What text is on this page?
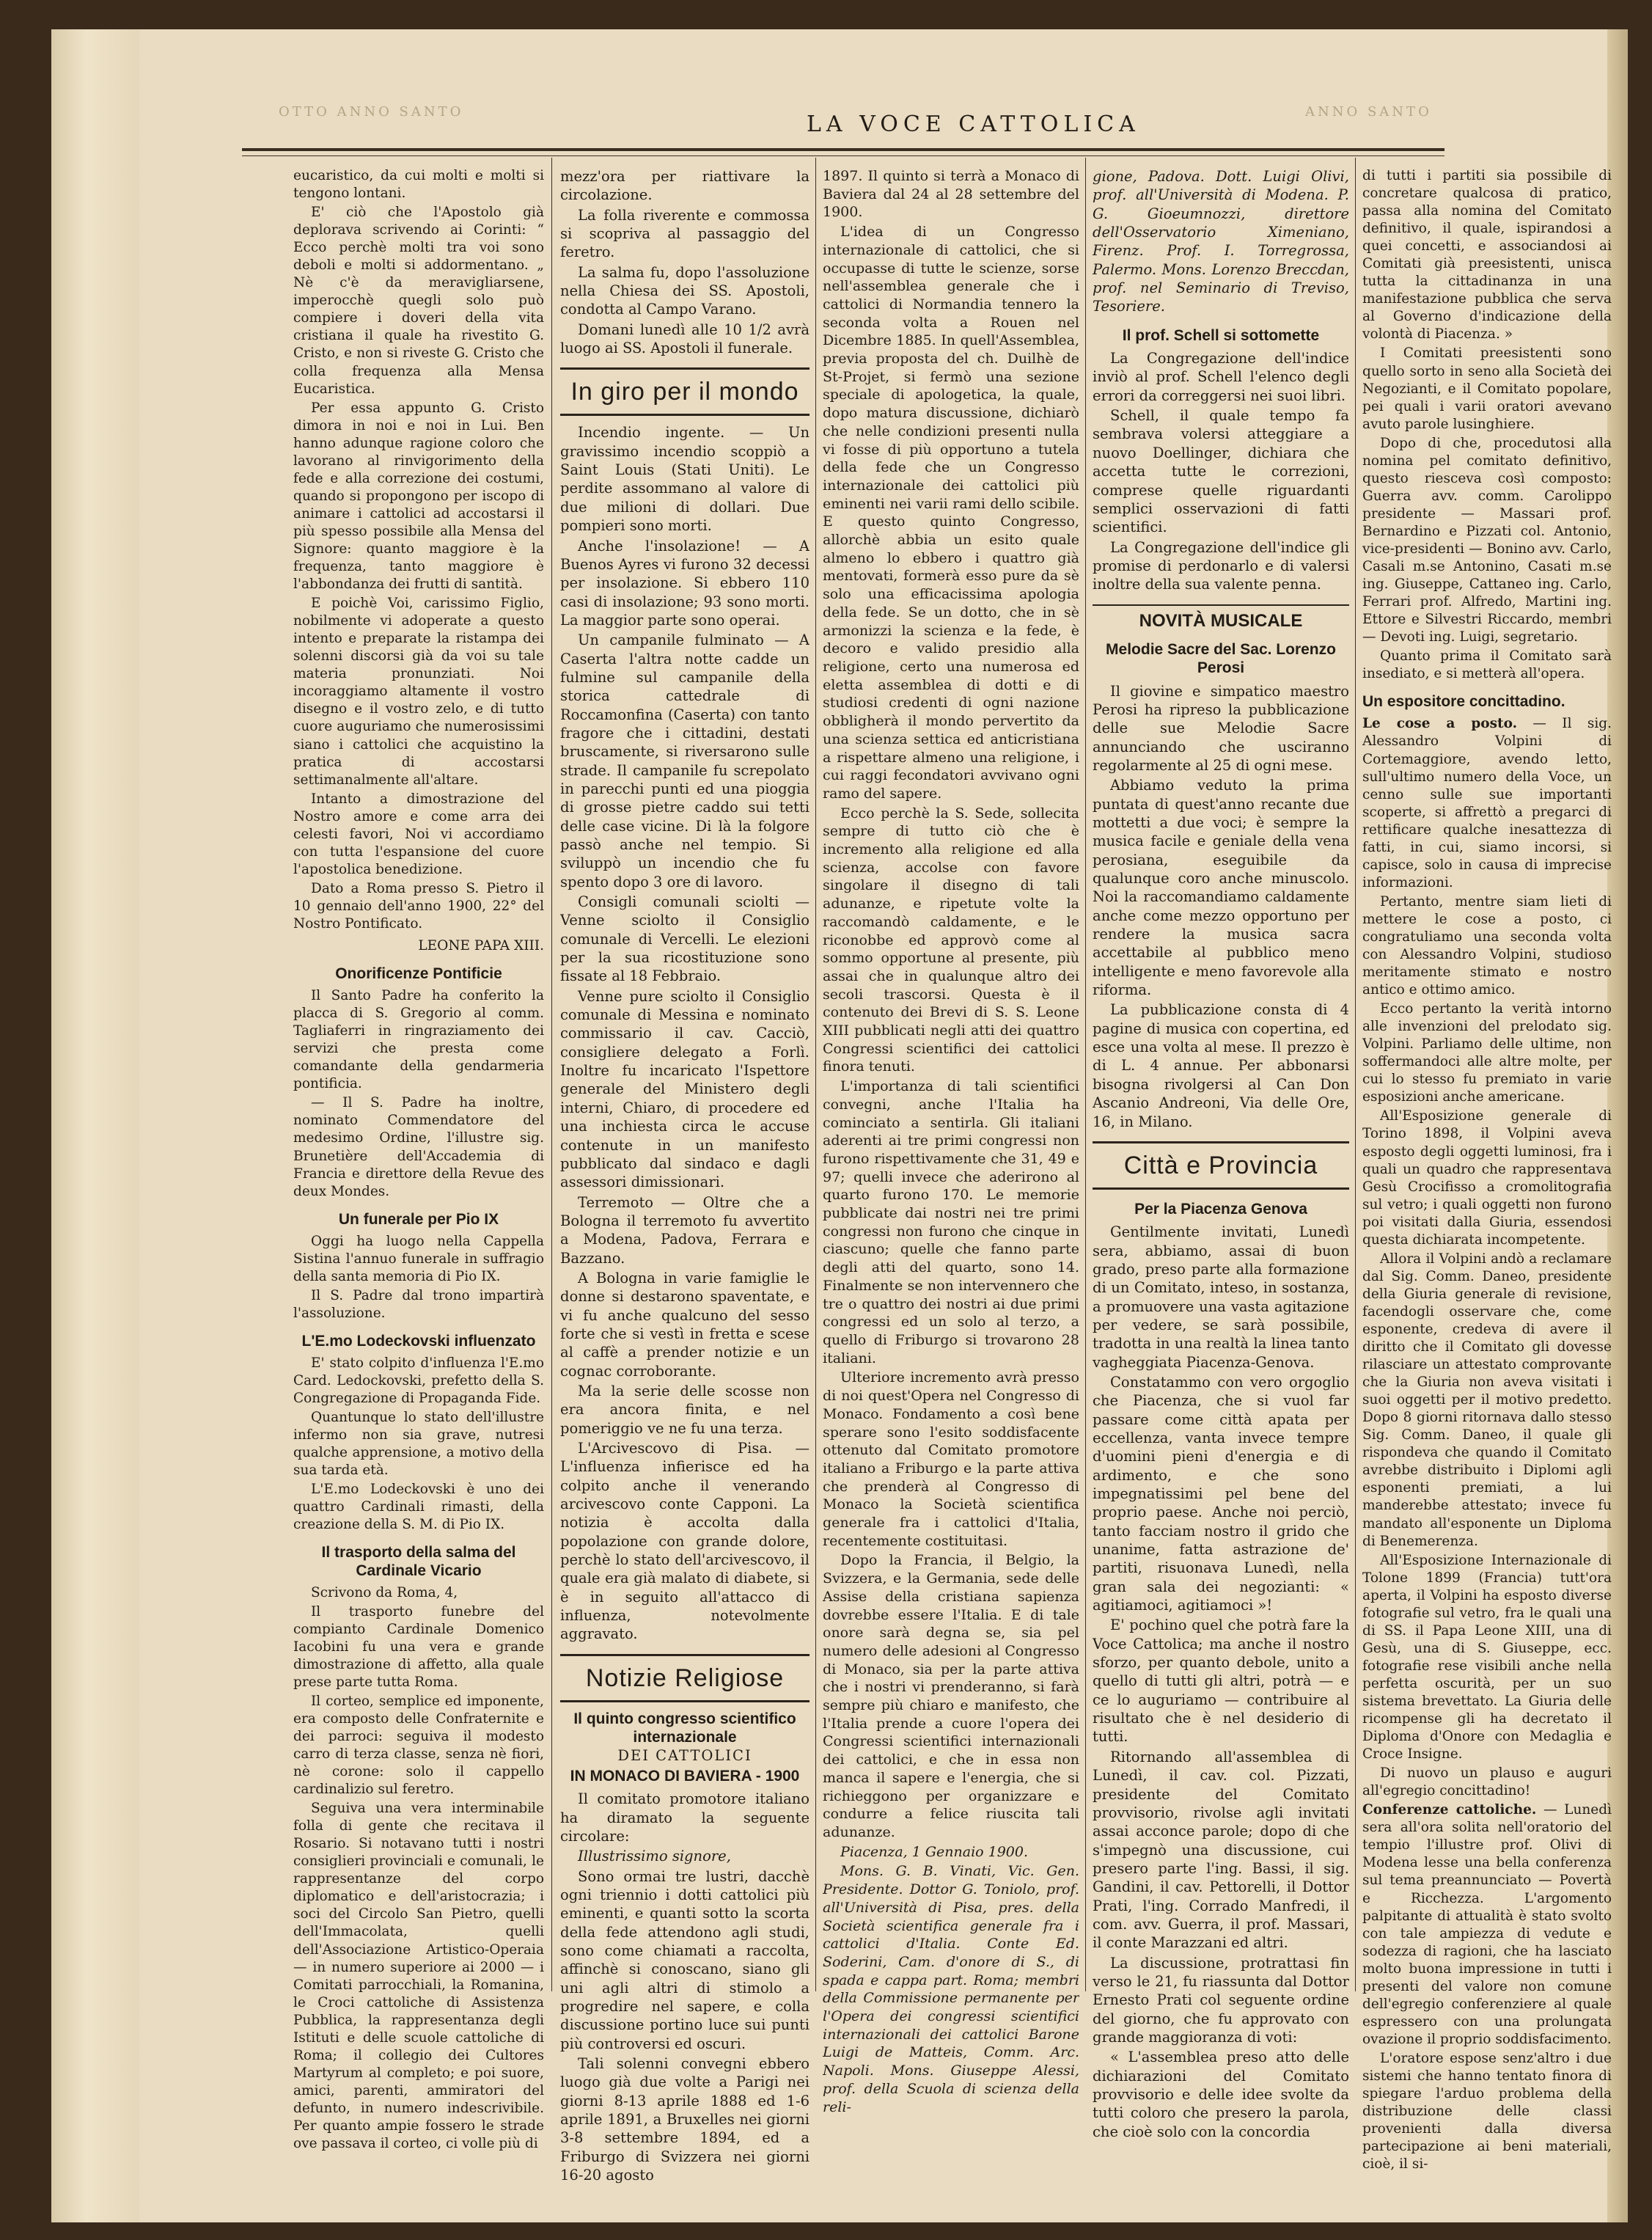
OTTO ANNO SANTO	LA VOCE CATTOLICA	ANNO SANTO

eucaristico, da cui molti e molti si tengono lontani.

E' ciò che l'Apostolo già deplorava scrivendo ai Corinti: “ Ecco perchè molti tra voi sono deboli e molti si addormentano. „ Nè c'è da meravigliarsene, imperocchè quegli solo può compiere i doveri della vita cristiana il quale ha rivestito G. Cristo, e non si riveste G. Cristo che colla frequenza alla Mensa Eucaristica.

Per essa appunto G. Cristo dimora in noi e noi in Lui. Ben hanno adunque ragione coloro che lavorano al rinvigorimento della fede e alla correzione dei costumi, quando si propongono per iscopo di animare i cattolici ad accostarsi il più spesso possibile alla Mensa del Signore: quanto maggiore è la frequenza, tanto maggiore è l'abbondanza dei frutti di santità.

E poichè Voi, carissimo Figlio, nobilmente vi adoperate a questo intento e preparate la ristampa dei solenni discorsi già da voi su tale materia pronunziati. Noi incoraggiamo altamente il vostro disegno e il vostro zelo, e di tutto cuore auguriamo che numerosissimi siano i cattolici che acquistino la pratica di accostarsi settimanalmente all'altare.

Intanto a dimostrazione del Nostro amore e come arra dei celesti favori, Noi vi accordiamo con tutta l'espansione del cuore l'apostolica benedizione.

Dato a Roma presso S. Pietro il 10 gennaio dell'anno 1900, 22° del Nostro Pontificato.

LEONE PAPA XIII.

Onorificenze Pontificie

Il Santo Padre ha conferito la placca di S. Gregorio al comm. Tagliaferri in ringraziamento dei servizi che presta come comandante della gendarmeria pontificia.

— Il S. Padre ha inoltre, nominato Commendatore del medesimo Ordine, l'illustre sig. Brunetière dell'Accademia di Francia e direttore della Revue des deux Mondes.

Un funerale per Pio IX

Oggi ha luogo nella Cappella Sistina l'annuo funerale in suffragio della santa memoria di Pio IX.

Il S. Padre dal trono impartirà l'assoluzione.

L'E.mo Lodeckovski influenzato

E' stato colpito d'influenza l'E.mo Card. Ledockovski, prefetto della S. Congregazione di Propaganda Fide.

Quantunque lo stato dell'illustre infermo non sia grave, nutresi qualche apprensione, a motivo della sua tarda età.

L'E.mo Lodeckovski è uno dei quattro Cardinali rimasti, della creazione della S. M. di Pio IX.

Il trasporto della salma del Cardinale Vicario

Scrivono da Roma, 4,

Il trasporto funebre del compianto Cardinale Domenico Iacobini fu una vera e grande dimostrazione di affetto, alla quale prese parte tutta Roma.

Il corteo, semplice ed imponente, era composto delle Confraternite e dei parroci: seguiva il modesto carro di terza classe, senza nè fiori, nè corone: solo il cappello cardinalizio sul feretro.

Seguiva una vera interminabile folla di gente che recitava il Rosario. Si notavano tutti i nostri consiglieri provinciali e comunali, le rappresentanze del corpo diplomatico e dell'aristocrazia; i soci del Circolo San Pietro, quelli dell'Immacolata, quelli dell'Associazione Artistico-Operaia — in numero superiore ai 2000 — i Comitati parrocchiali, la Romanina, le Croci cattoliche di Assistenza Pubblica, la rappresentanza degli Istituti e delle scuole cattoliche di Roma; il collegio dei Cultores Martyrum al completo; e poi suore, amici, parenti, ammiratori del defunto, in numero indescrivibile. Per quanto ampie fossero le strade ove passava il corteo, ci volle più di

mezz'ora per riattivare la circolazione.

La folla riverente e commossa si scopriva al passaggio del feretro.

La salma fu, dopo l'assoluzione nella Chiesa dei SS. Apostoli, condotta al Campo Varano.

Domani lunedì alle 10 1/2 avrà luogo ai SS. Apostoli il funerale.

In giro per il mondo

Incendio ingente. — Un gravissimo incendio scoppiò a Saint Louis (Stati Uniti). Le perdite assommano al valore di due milioni di dollari. Due pompieri sono morti.

Anche l'insolazione! — A Buenos Ayres vi furono 32 decessi per insolazione. Si ebbero 110 casi di insolazione; 93 sono morti. La maggior parte sono operai.

Un campanile fulminato — A Caserta l'altra notte cadde un fulmine sul campanile della storica cattedrale di Roccamonfina (Caserta) con tanto fragore che i cittadini, destati bruscamente, si riversarono sulle strade. Il campanile fu screpolato in parecchi punti ed una pioggia di grosse pietre caddo sui tetti delle case vicine. Di là la folgore passò anche nel tempio. Si sviluppò un incendio che fu spento dopo 3 ore di lavoro.

Consigli comunali sciolti — Venne sciolto il Consiglio comunale di Vercelli. Le elezioni per la sua ricostituzione sono fissate al 18 Febbraio.

Venne pure sciolto il Consiglio comunale di Messina e nominato commissario il cav. Cacciò, consigliere delegato a Forlì. Inoltre fu incaricato l'Ispettore generale del Ministero degli interni, Chiaro, di procedere ed una inchiesta circa le accuse contenute in un manifesto pubblicato dal sindaco e dagli assessori dimissionari.

Terremoto — Oltre che a Bologna il terremoto fu avvertito a Modena, Padova, Ferrara e Bazzano.

A Bologna in varie famiglie le donne si destarono spaventate, e vi fu anche qualcuno del sesso forte che si vestì in fretta e scese al caffè a prender notizie e un cognac corroborante.

Ma la serie delle scosse non era ancora finita, e nel pomeriggio ve ne fu una terza.

L'Arcivescovo di Pisa. — L'influenza infierisce ed ha colpito anche il venerando arcivescovo conte Capponi. La notizia è accolta dalla popolazione con grande dolore, perchè lo stato dell'arcivescovo, il quale era già malato di diabete, si è in seguito all'attacco di influenza, notevolmente aggravato.

Notizie Religiose

Il quinto congresso scientifico internazionale

DEI CATTOLICI

IN MONACO DI BAVIERA - 1900

Il comitato promotore italiano ha diramato la seguente circolare:

Illustrissimo signore,

Sono ormai tre lustri, dacchè ogni triennio i dotti cattolici più eminenti, e quanti sotto la scorta della fede attendono agli studi, sono come chiamati a raccolta, affinchè si conoscano, siano gli uni agli altri di stimolo a progredire nel sapere, e colla discussione portino luce sui punti più controversi ed oscuri.

Tali solenni convegni ebbero luogo già due volte a Parigi nei giorni 8-13 aprile 1888 ed 1-6 aprile 1891, a Bruxelles nei giorni 3-8 settembre 1894, ed a Friburgo di Svizzera nei giorni 16-20 agosto

1897. Il quinto si terrà a Monaco di Baviera dal 24 al 28 settembre del 1900.

L'idea di un Congresso internazionale di cattolici, che si occupasse di tutte le scienze, sorse nell'assemblea generale che i cattolici di Normandia tennero la seconda volta a Rouen nel Dicembre 1885. In quell'Assemblea, previa proposta del ch. Duilhè de St-Projet, si fermò una sezione speciale di apologetica, la quale, dopo matura discussione, dichiarò che nelle condizioni presenti nulla vi fosse di più opportuno a tutela della fede che un Congresso internazionale dei cattolici più eminenti nei varii rami dello scibile. E questo quinto Congresso, allorchè abbia un esito quale almeno lo ebbero i quattro già mentovati, formerà esso pure da sè solo una efficacissima apologia della fede. Se un dotto, che in sè armonizzi la scienza e la fede, è decoro e valido presidio alla religione, certo una numerosa ed eletta assemblea di dotti e di studiosi credenti di ogni nazione obbligherà il mondo pervertito da una scienza settica ed anticristiana a rispettare almeno una religione, i cui raggi fecondatori avvivano ogni ramo del sapere.

Ecco perchè la S. Sede, sollecita sempre di tutto ciò che è incremento alla religione ed alla scienza, accolse con favore singolare il disegno di tali adunanze, e ripetute volte la raccomandò caldamente, e le riconobbe ed approvò come al sommo opportune al presente, più assai che in qualunque altro dei secoli trascorsi. Questa è il contenuto dei Brevi di S. S. Leone XIII pubblicati negli atti dei quattro Congressi scientifici dei cattolici finora tenuti.

L'importanza di tali scientifici convegni, anche l'Italia ha cominciato a sentirla. Gli italiani aderenti ai tre primi congressi non furono rispettivamente che 31, 49 e 97; quelli invece che aderirono al quarto furono 170. Le memorie pubblicate dai nostri nei tre primi congressi non furono che cinque in ciascuno; quelle che fanno parte degli atti del quarto, sono 14. Finalmente se non intervennero che tre o quattro dei nostri ai due primi congressi ed un solo al terzo, a quello di Friburgo si trovarono 28 italiani.

Ulteriore incremento avrà presso di noi quest'Opera nel Congresso di Monaco. Fondamento a così bene sperare sono l'esito soddisfacente ottenuto dal Comitato promotore italiano a Friburgo e la parte attiva che prenderà al Congresso di Monaco la Società scientifica generale fra i cattolici d'Italia, recentemente costituitasi.

Dopo la Francia, il Belgio, la Svizzera, e la Germania, sede delle Assise della cristiana sapienza dovrebbe essere l'Italia. E di tale onore sarà degna se, sia pel numero delle adesioni al Congresso di Monaco, sia per la parte attiva che i nostri vi prenderanno, si farà sempre più chiaro e manifesto, che l'Italia prende a cuore l'opera dei Congressi scientifici internazionali dei cattolici, e che in essa non manca il sapere e l'energia, che si richieggono per organizzare e condurre a felice riuscita tali adunanze.

Piacenza, 1 Gennaio 1900.

Mons. G. B. Vinati, Vic. Gen. Presidente. Dottor G. Toniolo, prof. all'Università di Pisa, pres. della Società scientifica generale fra i cattolici d'Italia. Conte Ed. Soderini, Cam. d'onore di S., di spada e cappa part. Roma; membri della Commissione permanente per l'Opera dei congressi scientifici internazionali dei cattolici Barone Luigi de Matteis, Comm. Arc. Napoli. Mons. Giuseppe Alessi, prof. della Scuola di scienza della reli-

gione, Padova. Dott. Luigi Olivi, prof. all'Università di Modena. P. G. Gioeumnozzi, direttore dell'Osservatorio Ximeniano, Firenz. Prof. I. Torregrossa, Palermo. Mons. Lorenzo Breccdan, prof. nel Seminario di Treviso, Tesoriere.

Il prof. Schell si sottomette

La Congregazione dell'indice inviò al prof. Schell l'elenco degli errori da correggersi nei suoi libri.

Schell, il quale tempo fa sembrava volersi atteggiare a nuovo Doellinger, dichiara che accetta tutte le correzioni, comprese quelle riguardanti semplici osservazioni di fatti scientifici.

La Congregazione dell'indice gli promise di perdonarlo e di valersi inoltre della sua valente penna.

NOVITÀ MUSICALE

Melodie Sacre del Sac. Lorenzo Perosi

Il giovine e simpatico maestro Perosi ha ripreso la pubblicazione delle sue Melodie Sacre annunciando che usciranno regolarmente al 25 di ogni mese.

Abbiamo veduto la prima puntata di quest'anno recante due mottetti a due voci; è sempre la musica facile e geniale della vena perosiana, eseguibile da qualunque coro anche minuscolo. Noi la raccomandiamo caldamente anche come mezzo opportuno per rendere la musica sacra accettabile al pubblico meno intelligente e meno favorevole alla riforma.

La pubblicazione consta di 4 pagine di musica con copertina, ed esce una volta al mese. Il prezzo è di L. 4 annue. Per abbonarsi bisogna rivolgersi al Can Don Ascanio Andreoni, Via delle Ore, 16, in Milano.

Città e Provincia

Per la Piacenza Genova

Gentilmente invitati, Lunedì sera, abbiamo, assai di buon grado, preso parte alla formazione di un Comitato, inteso, in sostanza, a promuovere una vasta agitazione per vedere, se sarà possibile, tradotta in una realtà la linea tanto vagheggiata Piacenza-Genova.

Constatammo con vero orgoglio che Piacenza, che si vuol far passare come città apata per eccellenza, vanta invece tempre d'uomini pieni d'energia e di ardimento, e che sono impegnatissimi pel bene del proprio paese. Anche noi perciò, tanto facciam nostro il grido che unanime, fatta astrazione de' partiti, risuonava Lunedì, nella gran sala dei negozianti: « agitiamoci, agitiamoci »!

E' pochino quel che potrà fare la Voce Cattolica; ma anche il nostro sforzo, per quanto debole, unito a quello di tutti gli altri, potrà — e ce lo auguriamo — contribuire al risultato che è nel desiderio di tutti.

Ritornando all'assemblea di Lunedì, il cav. col. Pizzati, presidente del Comitato provvisorio, rivolse agli invitati assai acconce parole; dopo di che s'impegnò una discussione, cui presero parte l'ing. Bassi, il sig. Gandini, il cav. Pettorelli, il Dottor Prati, l'ing. Corrado Manfredi, il com. avv. Guerra, il prof. Massari, il conte Marazzani ed altri.

La discussione, protrattasi fin verso le 21, fu riassunta dal Dottor Ernesto Prati col seguente ordine del giorno, che fu approvato con grande maggioranza di voti:

« L'assemblea preso atto delle dichiarazioni del Comitato provvisorio e delle idee svolte da tutti coloro che presero la parola, che cioè solo con la concordia

di tutti i partiti sia possibile di concretare qualcosa di pratico, passa alla nomina del Comitato definitivo, il quale, ispirandosi a quei concetti, e associandosi ai Comitati già preesistenti, unisca tutta la cittadinanza in una manifestazione pubblica che serva al Governo d'indicazione della volontà di Piacenza. »

I Comitati preesistenti sono quello sorto in seno alla Società dei Negozianti, e il Comitato popolare, pei quali i varii oratori avevano avuto parole lusinghiere.

Dopo di che, procedutosi alla nomina pel comitato definitivo, questo riesceva così composto: Guerra avv. comm. Carolippo presidente — Massari prof. Bernardino e Pizzati col. Antonio, vice-presidenti — Bonino avv. Carlo, Casali m.se Antonino, Casati m.se ing. Giuseppe, Cattaneo ing. Carlo, Ferrari prof. Alfredo, Martini ing. Ettore e Silvestri Riccardo, membri — Devoti ing. Luigi, segretario.

Quanto prima il Comitato sarà insediato, e si metterà all'opera.

Un espositore concittadino.

Le cose a posto. — Il sig. Alessandro Volpini di Cortemaggiore, avendo letto, sull'ultimo numero della Voce, un cenno sulle sue importanti scoperte, si affrettò a pregarci di rettificare qualche inesattezza di fatti, in cui, siamo incorsi, si capisce, solo in causa di imprecise informazioni.

Pertanto, mentre siam lieti di mettere le cose a posto, ci congratuliamo una seconda volta con Alessandro Volpini, studioso meritamente stimato e nostro antico e ottimo amico.

Ecco pertanto la verità intorno alle invenzioni del prelodato sig. Volpini. Parliamo delle ultime, non soffermandoci alle altre molte, per cui lo stesso fu premiato in varie esposizioni anche americane.

All'Esposizione generale di Torino 1898, il Volpini aveva esposto degli oggetti luminosi, fra i quali un quadro che rappresentava Gesù Crocifisso a cromolitografia sul vetro; i quali oggetti non furono poi visitati dalla Giuria, essendosi questa dichiarata incompetente.

Allora il Volpini andò a reclamare dal Sig. Comm. Daneo, presidente della Giuria generale di revisione, facendogli osservare che, come esponente, credeva di avere il diritto che il Comitato gli dovesse rilasciare un attestato comprovante che la Giuria non aveva visitati i suoi oggetti per il motivo predetto. Dopo 8 giorni ritornava dallo stesso Sig. Comm. Daneo, il quale gli rispondeva che quando il Comitato avrebbe distribuito i Diplomi agli esponenti premiati, a lui manderebbe attestato; invece fu mandato all'esponente un Diploma di Benemerenza.

All'Esposizione Internazionale di Tolone 1899 (Francia) tutt'ora aperta, il Volpini ha esposto diverse fotografie sul vetro, fra le quali una di SS. il Papa Leone XIII, una di Gesù, una di S. Giuseppe, ecc. fotografie rese visibili anche nella perfetta oscurità, per un suo sistema brevettato. La Giuria delle ricompense gli ha decretato il Diploma d'Onore con Medaglia e Croce Insigne.

Di nuovo un plauso e auguri all'egregio concittadino!

Conferenze cattoliche. — Lunedì sera all'ora solita nell'oratorio del tempio l'illustre prof. Olivi di Modena lesse una bella conferenza sul tema preannunciato — Povertà e Ricchezza. L'argomento palpitante di attualità è stato svolto con tale ampiezza di vedute e sodezza di ragioni, che ha lasciato molto buona impressione in tutti i presenti del valore non comune dell'egregio conferenziere al quale espressero con una prolungata ovazione il proprio soddisfacimento.

L'oratore espose senz'altro i due sistemi che hanno tentato finora di spiegare l'arduo problema della distribuzione delle classi provenienti dalla diversa partecipazione ai beni materiali, cioè, il si-
